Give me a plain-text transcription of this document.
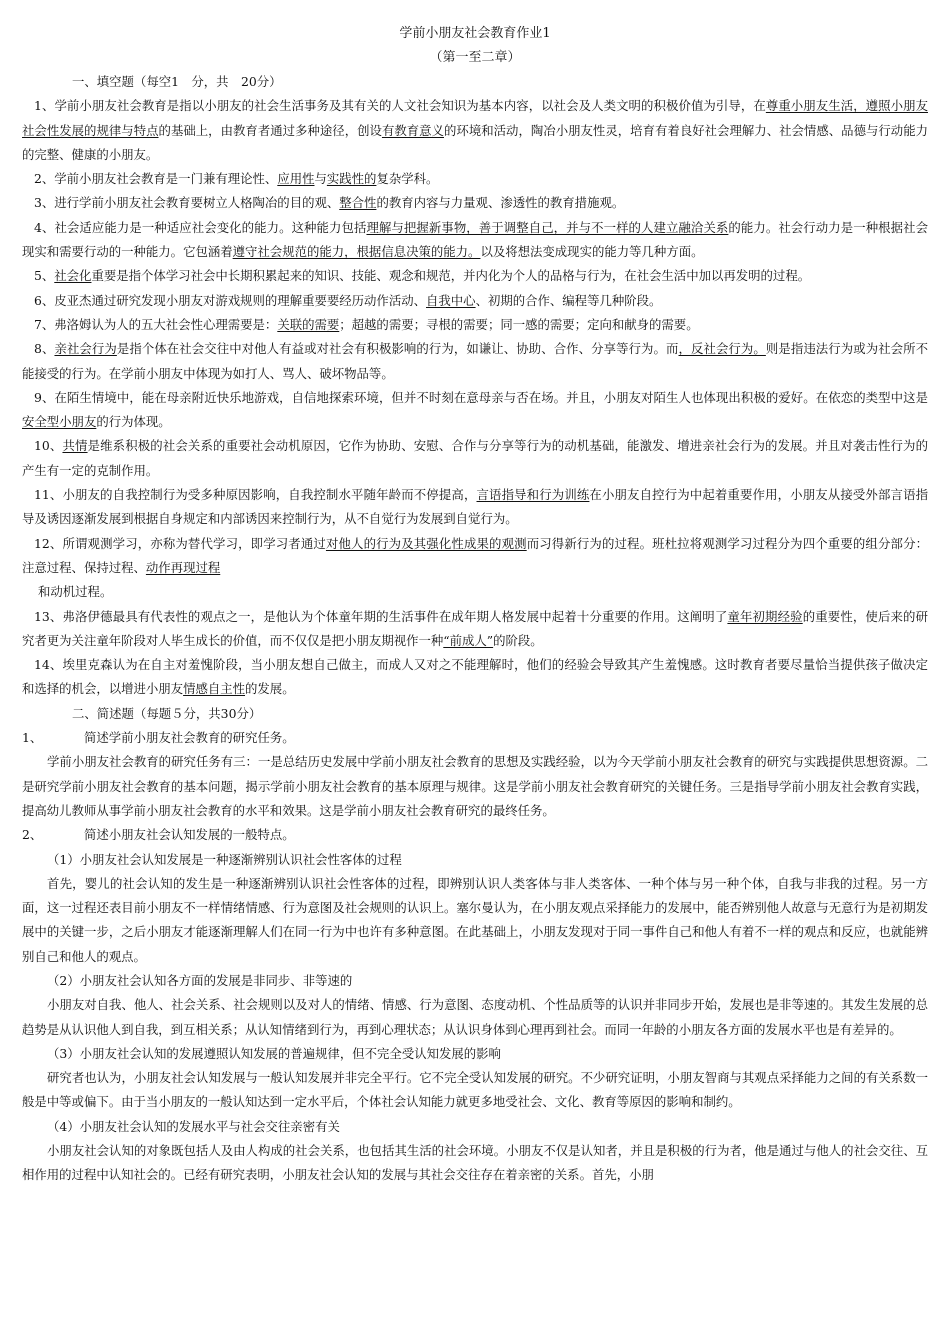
学前小朋友社会教育作业1

（第一至二章）

一、填空题（每空1　分，共　20分）

1、学前小朋友社会教育是指以小朋友的社会生活事务及其有关的人文社会知识为基本内容，以社会及人类文明的积极价值为引导，在尊重小朋友生活，遵照小朋友社会性发展的规律与特点的基础上，由教育者通过多种途径，创设有教育意义的环境和活动，陶冶小朋友性灵，培育有着良好社会理解力、社会情感、品德与行动能力的完整、健康的小朋友。

2、学前小朋友社会教育是一门兼有理论性、应用性与实践性的复杂学科。

3、进行学前小朋友社会教育要树立人格陶冶的目的观、整合性的教育内容与力量观、渗透性的教育措施观。

4、社会适应能力是一种适应社会变化的能力。这种能力包括理解与把握新事物，善于调整自己，并与不一样的人建立融洽关系的能力。社会行动力是一种根据社会现实和需要行动的一种能力。它包涵着遵守社会规范的能力，根据信息决策的能力。以及将想法变成现实的能力等几种方面。

5、社会化重要是指个体学习社会中长期积累起来的知识、技能、观念和规范，并内化为个人的品格与行为，在社会生活中加以再发明的过程。

6、皮亚杰通过研究发现小朋友对游戏规则的理解重要要经历动作活动、自我中心、初期的合作、编程等几种阶段。

7、弗洛姆认为人的五大社会性心理需要是：关联的需要；超越的需要；寻根的需要；同一感的需要；定向和献身的需要。

8、亲社会行为是指个体在社会交往中对他人有益或对社会有积极影响的行为，如谦让、协助、合作、分享等行为。而，反社会行为。则是指违法行为或为社会所不能接受的行为。在学前小朋友中体现为如打人、骂人、破坏物品等。

9、在陌生情境中，能在母亲附近快乐地游戏，自信地探索环境，但并不时刻在意母亲与否在场。并且，小朋友对陌生人也体现出积极的爱好。在依恋的类型中这是安全型小朋友的行为体现。

10、共情是维系积极的社会关系的重要社会动机原因，它作为协助、安慰、合作与分享等行为的动机基础，能激发、增进亲社会行为的发展。并且对袭击性行为的产生有一定的克制作用。

11、小朋友的自我控制行为受多种原因影响，自我控制水平随年龄而不停提高，言语指导和行为训练在小朋友自控行为中起着重要作用，小朋友从接受外部言语指导及诱因逐渐发展到根据自身规定和内部诱因来控制行为，从不自觉行为发展到自觉行为。

12、所谓观测学习，亦称为替代学习，即学习者通过对他人的行为及其强化性成果的观测而习得新行为的过程。班杜拉将观测学习过程分为四个重要的组分部分：注意过程、保持过程、动作再现过程

和动机过程。

13、弗洛伊德最具有代表性的观点之一，是他认为个体童年期的生活事件在成年期人格发展中起着十分重要的作用。这阐明了童年初期经验的重要性，使后来的研究者更为关注童年阶段对人毕生成长的价值，而不仅仅是把小朋友期视作一种“前成人”的阶段。

14、埃里克森认为在自主对羞愧阶段，当小朋友想自己做主，而成人又对之不能理解时，他们的经验会导致其产生羞愧感。这时教育者要尽量恰当提供孩子做决定和选择的机会，以增进小朋友情感自主性的发展。

二、简述题（每题５分，共30分）

1、	简述学前小朋友社会教育的研究任务。

学前小朋友社会教育的研究任务有三：一是总结历史发展中学前小朋友社会教育的思想及实践经验，以为今天学前小朋友社会教育的研究与实践提供思想资源。二是研究学前小朋友社会教育的基本问题，揭示学前小朋友社会教育的基本原理与规律。这是学前小朋友社会教育研究的关键任务。三是指导学前小朋友社会教育实践，提高幼儿教师从事学前小朋友社会教育的水平和效果。这是学前小朋友社会教育研究的最终任务。

2、	简述小朋友社会认知发展的一般特点。

（1）小朋友社会认知发展是一种逐渐辨别认识社会性客体的过程

首先，婴儿的社会认知的发生是一种逐渐辨别认识社会性客体的过程，即辨别认识人类客体与非人类客体、一种个体与另一种个体，自我与非我的过程。另一方面，这一过程还表目前小朋友不一样情绪情感、行为意图及社会规则的认识上。塞尔曼认为，在小朋友观点采择能力的发展中，能否辨别他人故意与无意行为是初期发展中的关键一步，之后小朋友才能逐渐理解人们在同一行为中也许有多种意图。在此基础上，小朋友发现对于同一事件自己和他人有着不一样的观点和反应，也就能辨别自己和他人的观点。

（2）小朋友社会认知各方面的发展是非同步、非等速的

小朋友对自我、他人、社会关系、社会规则以及对人的情绪、情感、行为意图、态度动机、个性品质等的认识并非同步开始，发展也是非等速的。其发生发展的总趋势是从认识他人到自我，到互相关系；从认知情绪到行为，再到心理状态；从认识身体到心理再到社会。而同一年龄的小朋友各方面的发展水平也是有差异的。

（3）小朋友社会认知的发展遵照认知发展的普遍规律，但不完全受认知发展的影响

研究者也认为，小朋友社会认知发展与一般认知发展并非完全平行。它不完全受认知发展的研究。不少研究证明，小朋友智商与其观点采择能力之间的有关系数一般是中等或偏下。由于当小朋友的一般认知达到一定水平后，个体社会认知能力就更多地受社会、文化、教育等原因的影响和制约。

（4）小朋友社会认知的发展水平与社会交往亲密有关

小朋友社会认知的对象既包括人及由人构成的社会关系，也包括其生活的社会环境。小朋友不仅是认知者，并且是积极的行为者，他是通过与他人的社会交往、互相作用的过程中认知社会的。已经有研究表明，小朋友社会认知的发展与其社会交往存在着亲密的关系。首先，小朋
